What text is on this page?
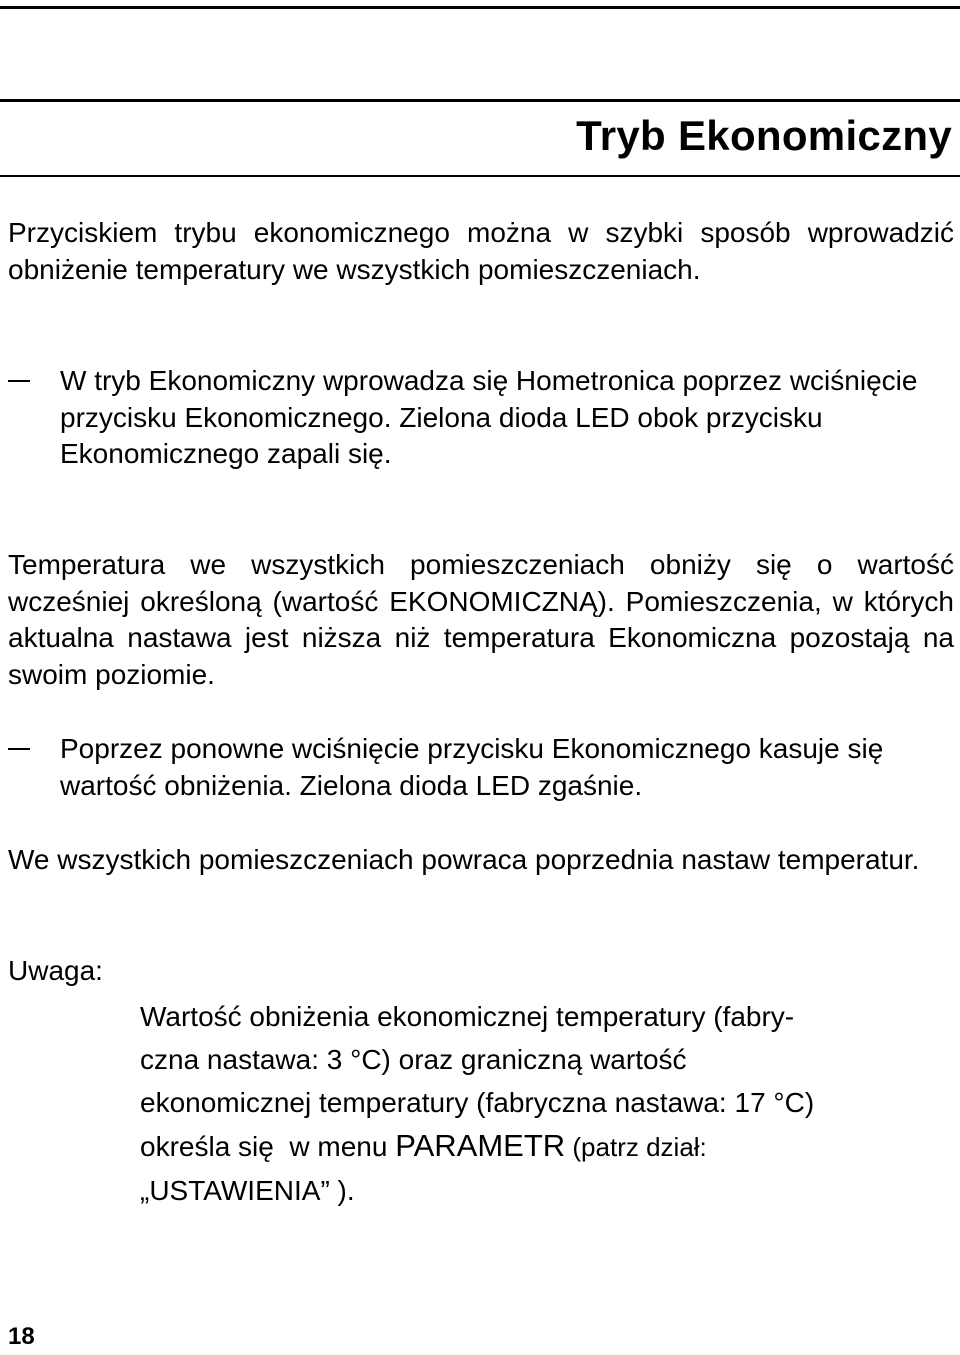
Tryb Ekonomiczny

Przyciskiem trybu ekonomicznego można w szybki sposób wprowadzić obniżenie temperatury we wszystkich pomieszczeniach.

W tryb Ekonomiczny wprowadza się Hometronica poprzez wciśnięcie przycisku Ekonomicznego. Zielona dioda LED obok przycisku Ekonomicznego zapali się.

Temperatura we wszystkich pomieszczeniach obniży się o wartość wcześniej określoną (wartość EKONOMICZNĄ). Pomieszczenia, w których aktualna nastawa jest niższa niż temperatura Ekonomiczna pozostają na swoim poziomie.

Poprzez ponowne wciśnięcie przycisku Ekonomicznego kasuje się wartość obniżenia. Zielona dioda LED zgaśnie.

We wszystkich pomieszczeniach powraca poprzednia nastaw temperatur.

Uwaga:
Wartość obniżenia ekonomicznej temperatury (fabry-
czna nastawa: 3 °C) oraz graniczną wartość
ekonomicznej temperatury (fabryczna nastawa: 17 °C)
określa się  w menu PARAMETR (patrz dział:
„USTAWIENIA” ).
18
